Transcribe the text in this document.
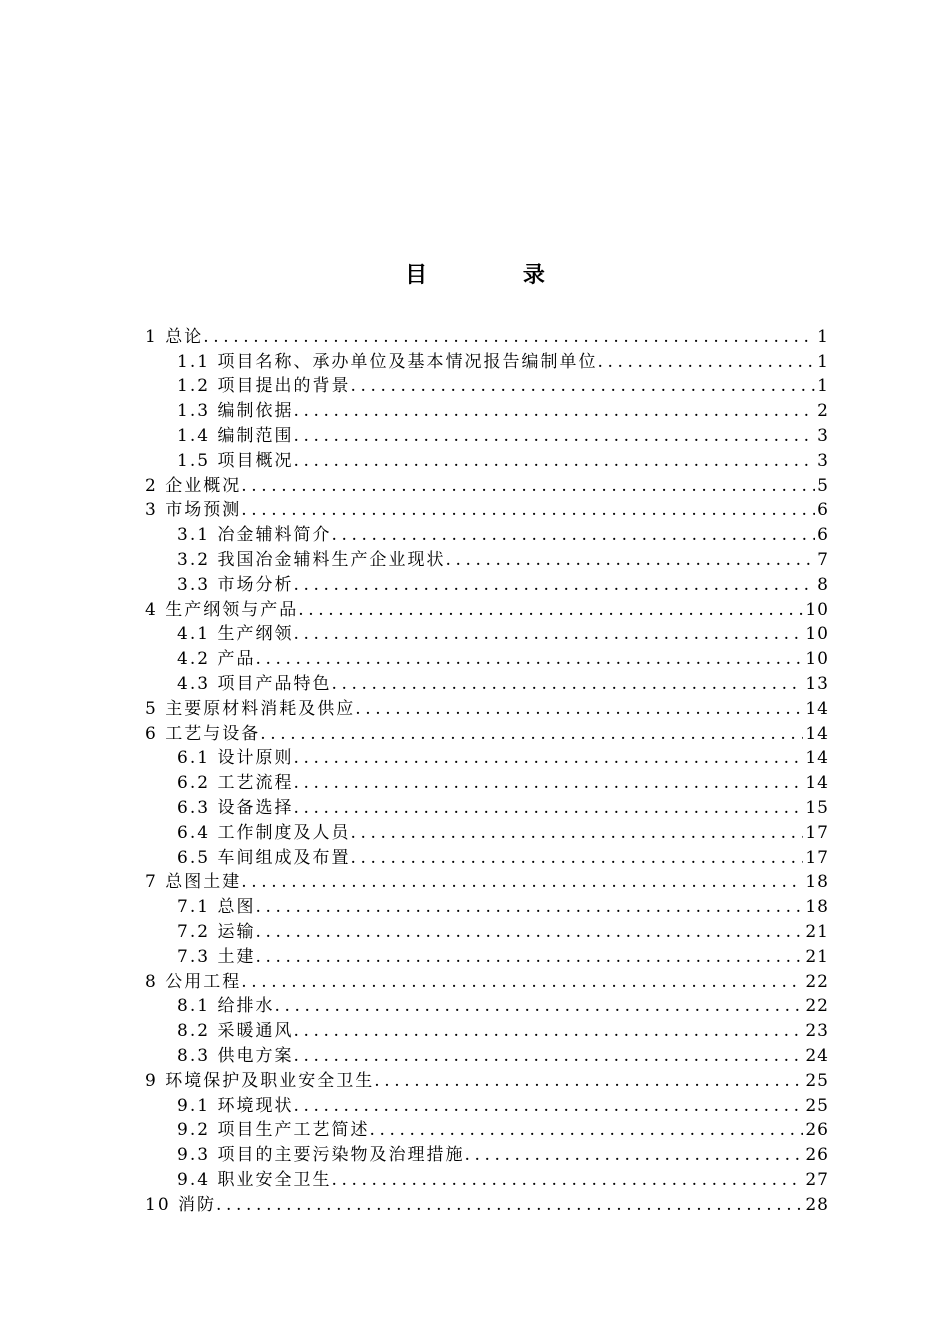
目 录
1 总论 .....	1
1.1 项目名称、承办单位及基本情况报告编制单位 .....	1
1.2 项目提出的背景 .....	1
1.3 编制依据 .....	2
1.4 编制范围 .....	3
1.5 项目概况 .....	3
2 企业概况 .....	5
3 市场预测 .....	6
3.1 冶金辅料简介 .....	6
3.2 我国冶金辅料生产企业现状 .....	7
3.3 市场分析 .....	8
4 生产纲领与产品 .....	10
4.1 生产纲领 .....	10
4.2 产品 .....	10
4.3 项目产品特色 .....	13
5 主要原材料消耗及供应 .....	14
6 工艺与设备 .....	14
6.1 设计原则 .....	14
6.2 工艺流程 .....	14
6.3 设备选择 .....	15
6.4 工作制度及人员 .....	17
6.5 车间组成及布置 .....	17
7 总图土建 .....	18
7.1 总图 .....	18
7.2 运输 .....	21
7.3 土建 .....	21
8 公用工程 .....	22
8.1 给排水 .....	22
8.2 采暖通风 .....	23
8.3 供电方案 .....	24
9 环境保护及职业安全卫生 .....	25
9.1 环境现状 .....	25
9.2 项目生产工艺简述 .....	26
9.3 项目的主要污染物及治理措施 .....	26
9.4 职业安全卫生 .....	27
10 消防 .....	28
